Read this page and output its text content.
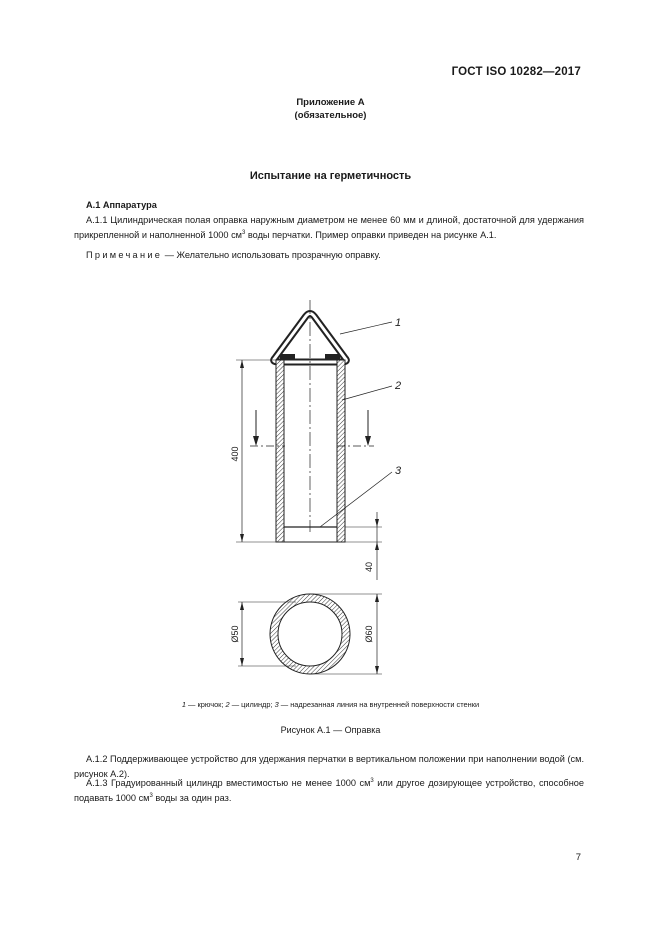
ГОСТ ISO 10282—2017
Приложение А
(обязательное)
Испытание на герметичность
А.1 Аппаратура
А.1.1 Цилиндрическая полая оправка наружным диаметром не менее 60 мм и длиной, достаточной для удержания прикрепленной и наполненной 1000 $см^3$ воды перчатки. Пример оправки приведен на рисунке А.1.
Примечание — Желательно использовать прозрачную оправку.
400
40
Ø50	Ø60
1
2
3
1 — крючок; 2 — цилиндр; 3 — надрезанная линия на внутренней поверхности стенки
Рисунок А.1 — Оправка
А.1.2 Поддерживающее устройство для удержания перчатки в вертикальном положении при наполнении водой (см. рисунок А.2).
А.1.3 Градуированный цилиндр вместимостью не менее 1000 $см^3$ или другое дозирующее устройство, способное подавать 1000 $см^3$ воды за один раз.
7
